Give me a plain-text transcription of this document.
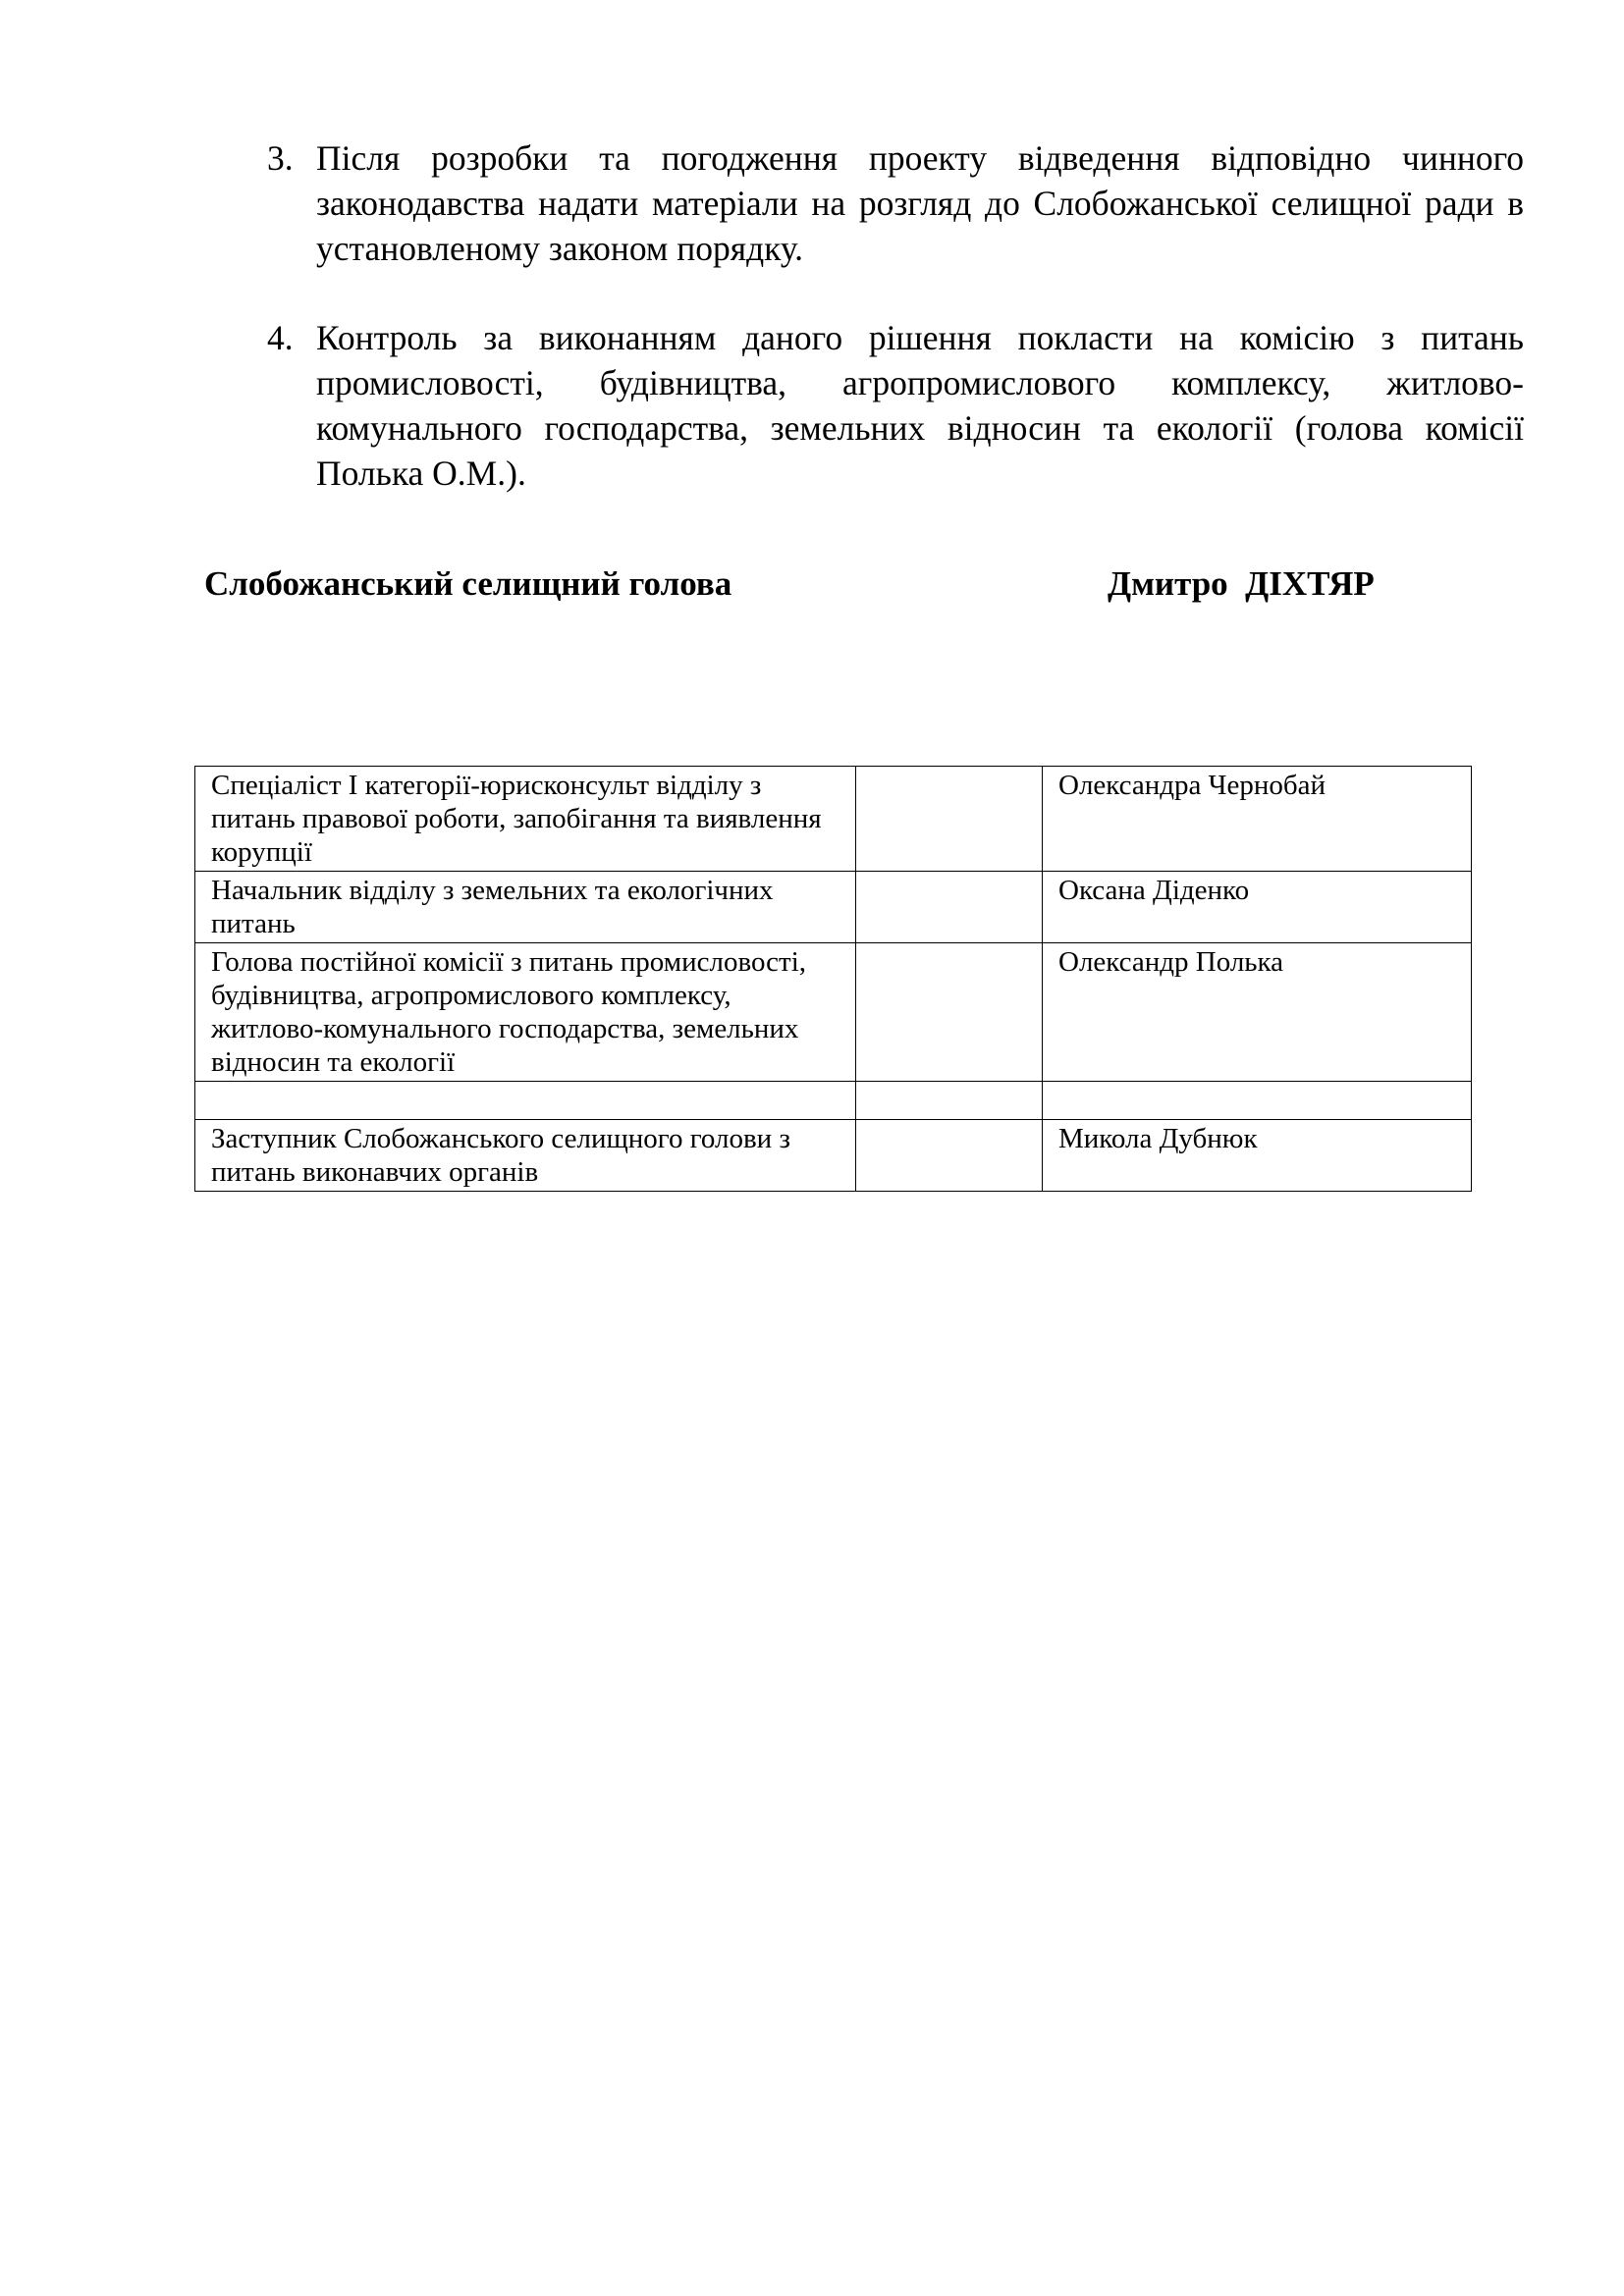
3. Після розробки та погодження проекту відведення відповідно чинного законодавства надати матеріали на розгляд до Слобожанської селищної ради в установленому законом порядку.
4. Контроль за виконанням даного рішення покласти на комісію з питань промисловості, будівництва, агропромислового комплексу, житлово-комунального господарства, земельних відносин та екології (голова комісії Полька О.М.).
Слобожанський селищний голова	Дмитро  ДІХТЯР
Спеціаліст І категорії-юрисконсульт відділу з питань правової роботи, запобігання та виявлення корупції		Олександра Чернобай
Начальник відділу з земельних та екологічних питань		Оксана Діденко
Голова постійної комісії з питань промисловості, будівництва, агропромислового комплексу, житлово-комунального господарства, земельних відносин та екології		Олександр Полька

Заступник Слобожанського селищного голови з питань виконавчих органів		Микола Дубнюк
